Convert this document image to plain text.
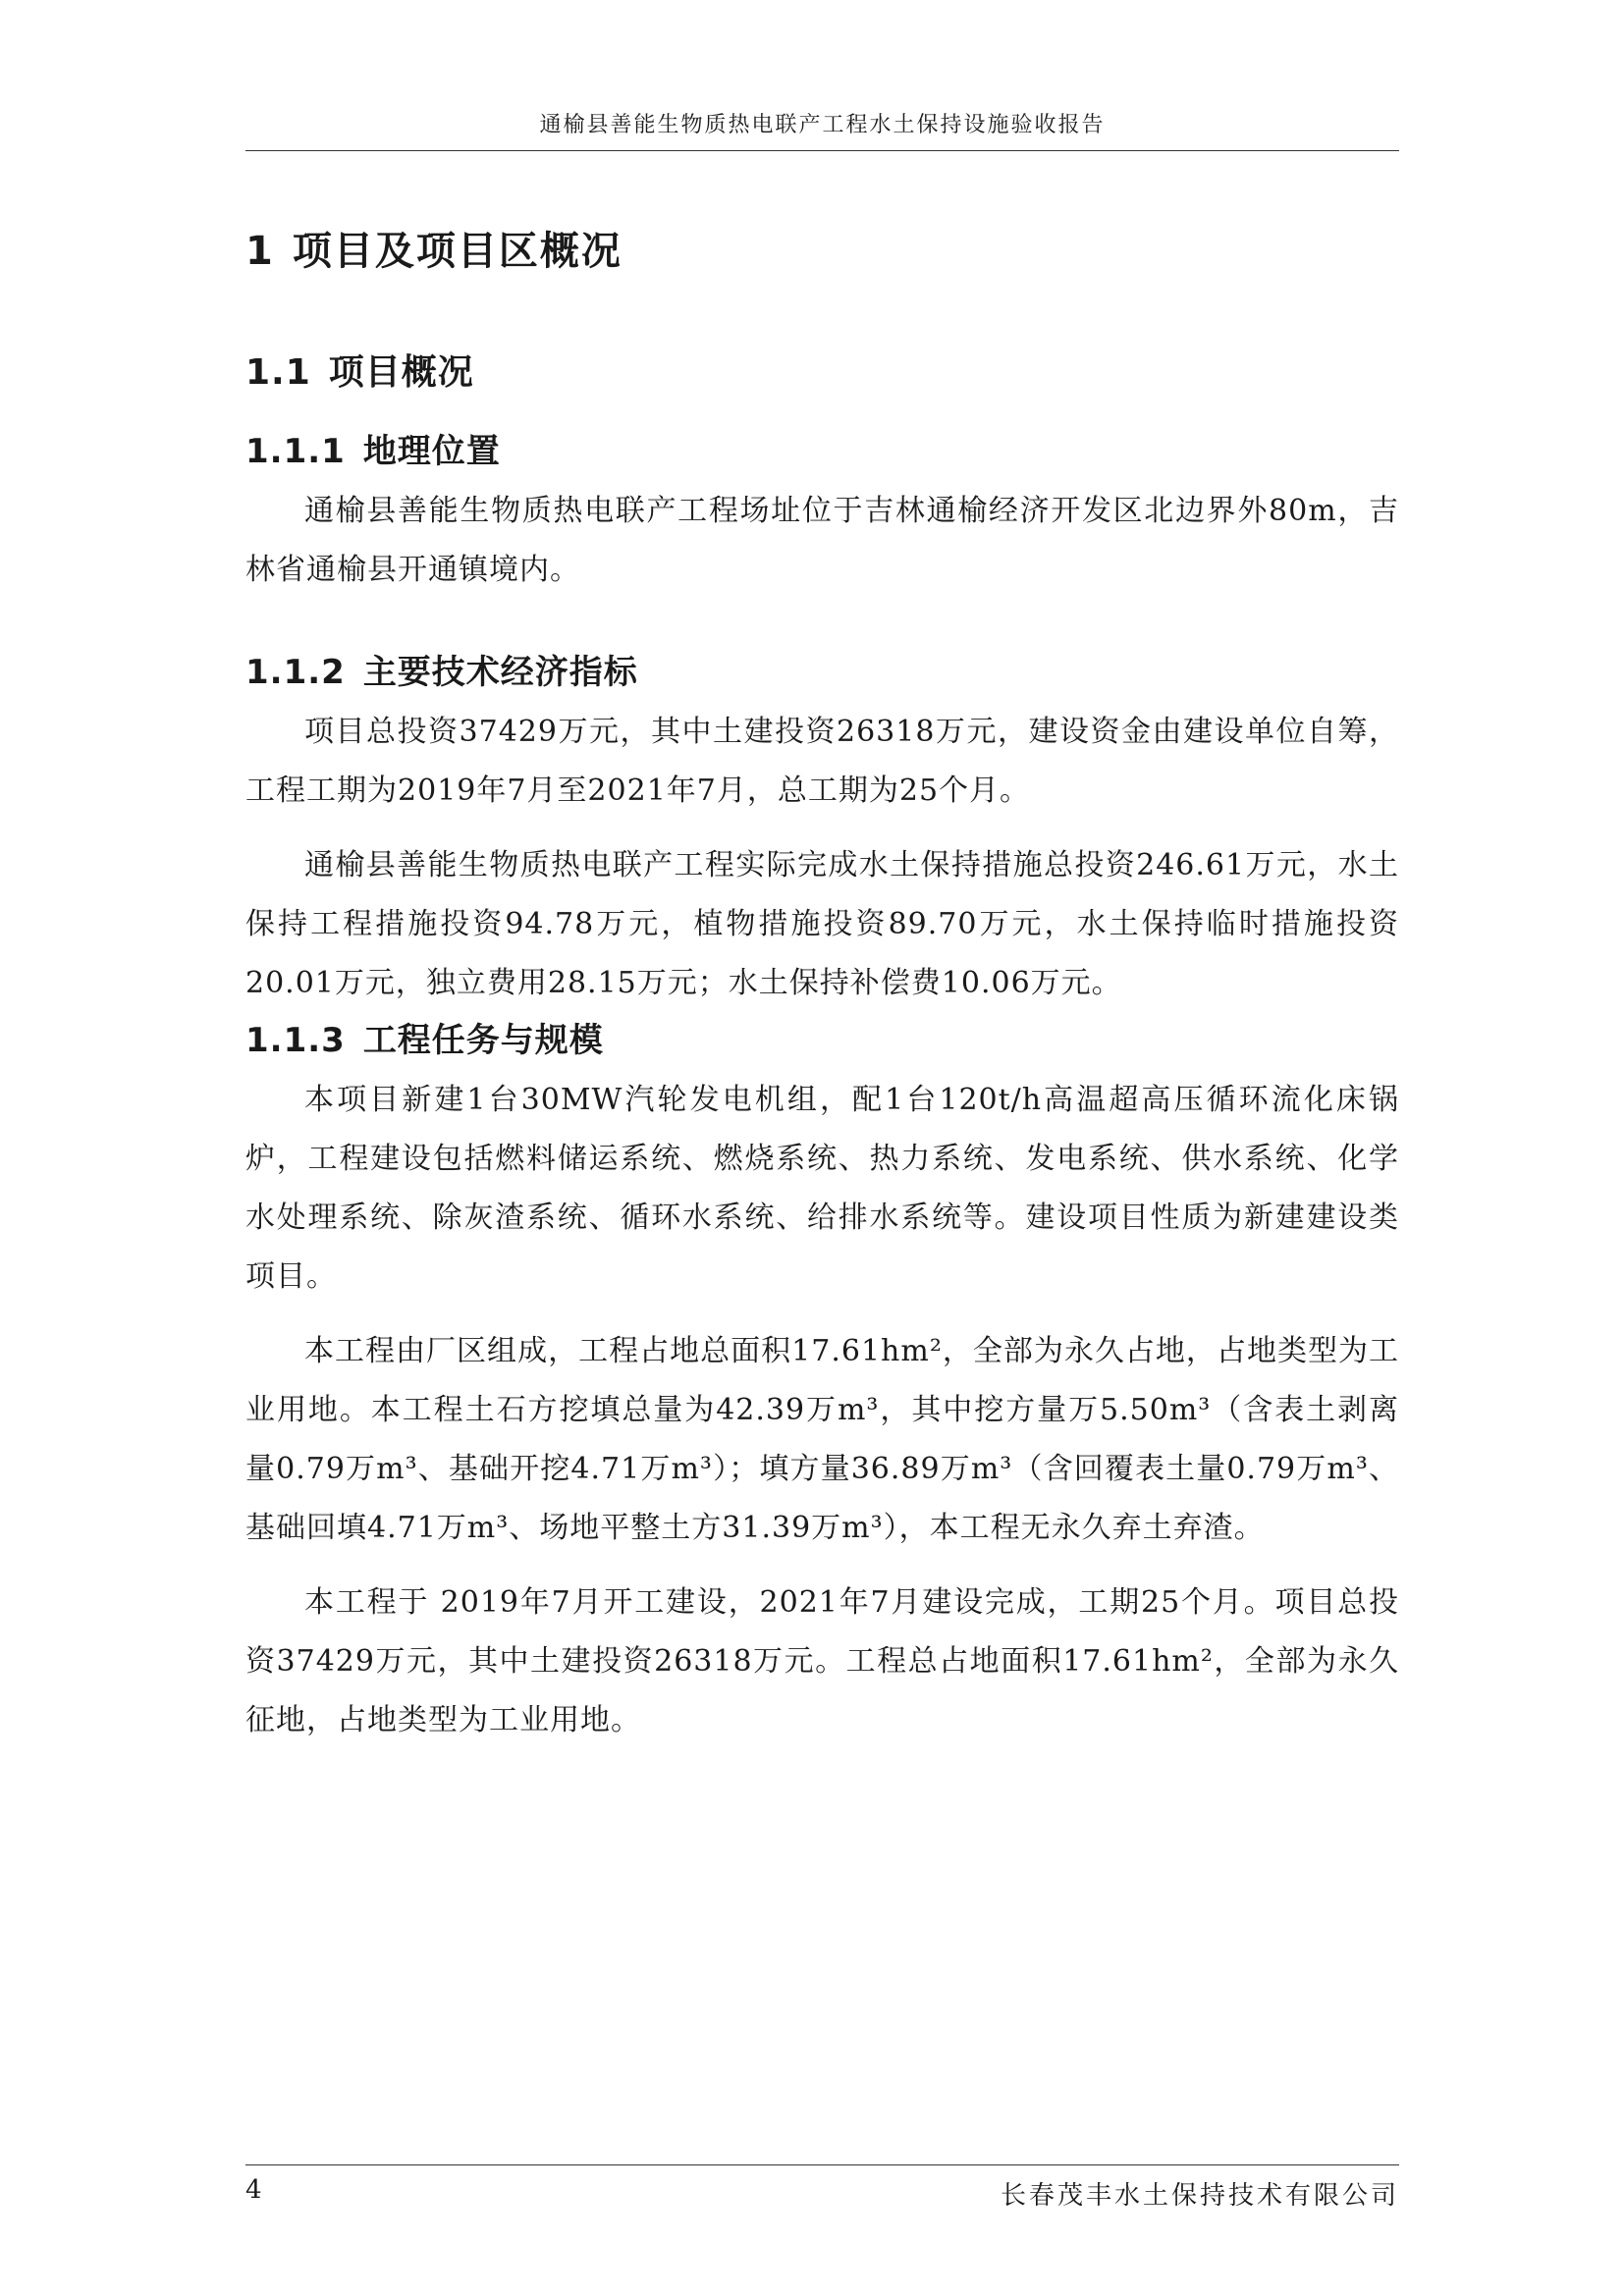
通榆县善能生物质热电联产工程水土保持设施验收报告
1 项目及项目区概况
1.1 项目概况
1.1.1 地理位置

通榆县善能生物质热电联产工程场址位于吉林通榆经济开发区北边界外80m，吉林省通榆县开通镇境内。

1.1.2 主要技术经济指标

项目总投资37429万元，其中土建投资26318万元，建设资金由建设单位自筹，工程工期为2019年7月至2021年7月，总工期为25个月。

通榆县善能生物质热电联产工程实际完成水土保持措施总投资246.61万元，水土保持工程措施投资94.78万元，植物措施投资89.70万元，水土保持临时措施投资20.01万元，独立费用28.15万元；水土保持补偿费10.06万元。

1.1.3 工程任务与规模

本项目新建1台30MW汽轮发电机组，配1台120t/h高温超高压循环流化床锅炉，工程建设包括燃料储运系统、燃烧系统、热力系统、发电系统、供水系统、化学水处理系统、除灰渣系统、循环水系统、给排水系统等。建设项目性质为新建建设类项目。

本工程由厂区组成，工程占地总面积17.61hm²，全部为永久占地，占地类型为工业用地。本工程土石方挖填总量为42.39万m³，其中挖方量万5.50m³（含表土剥离量0.79万m³、基础开挖4.71万m³）；填方量36.89万m³（含回覆表土量0.79万m³、基础回填4.71万m³、场地平整土方31.39万m³），本工程无永久弃土弃渣。

本工程于 2019年7月开工建设，2021年7月建设完成，工期25个月。项目总投资37429万元，其中土建投资26318万元。工程总占地面积17.61hm²，全部为永久征地，占地类型为工业用地。

4	长春茂丰水土保持技术有限公司
